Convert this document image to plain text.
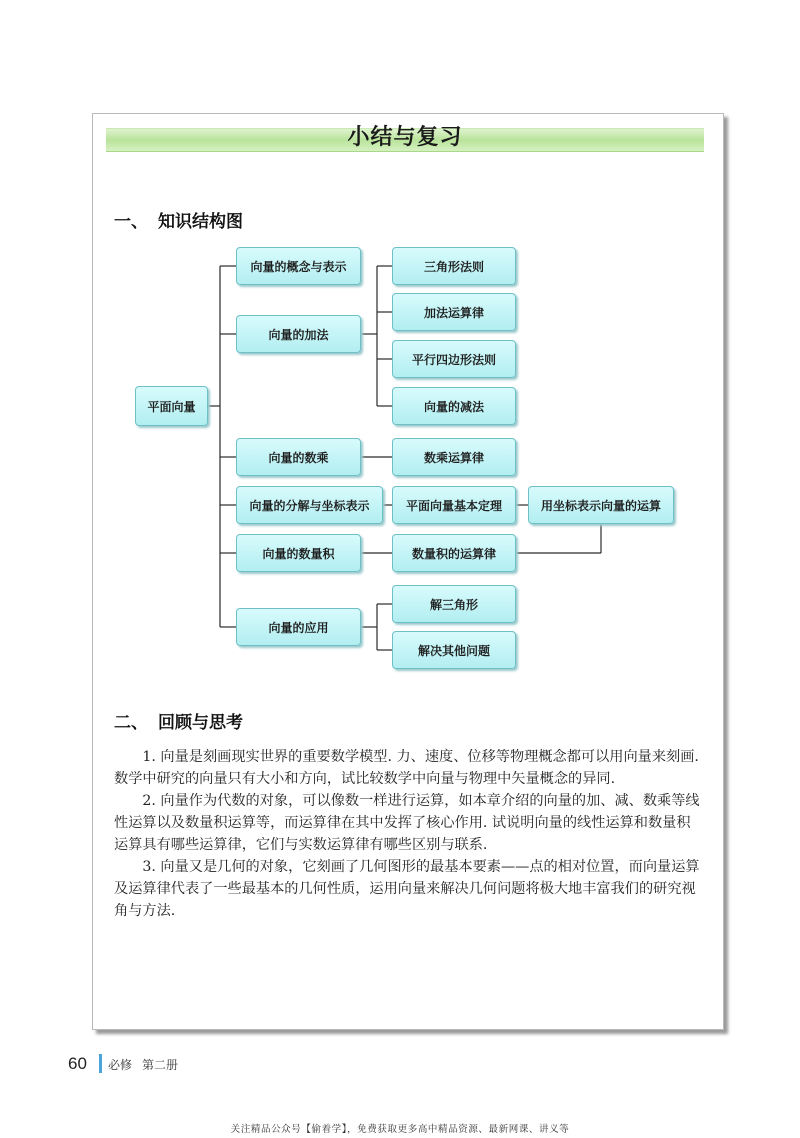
小结与复习
一、 知识结构图
平面向量
向量的概念与表示
向量的加法
向量的数乘
向量的分解与坐标表示
向量的数量积
向量的应用
三角形法则
加法运算律
平行四边形法则
向量的减法
数乘运算律
平面向量基本定理	用坐标表示向量的运算
数量积的运算律
解三角形
解决其他问题
二、 回顾与思考

1. 向量是刻画现实世界的重要数学模型. 力、速度、位移等物理概念都可以用向量来刻画. 数学中研究的向量只有大小和方向，试比较数学中向量与物理中矢量概念的异同.

2. 向量作为代数的对象，可以像数一样进行运算，如本章介绍的向量的加、减、数乘等线性运算以及数量积运算等，而运算律在其中发挥了核心作用. 试说明向量的线性运算和数量积运算具有哪些运算律，它们与实数运算律有哪些区别与联系.

3. 向量又是几何的对象，它刻画了几何图形的最基本要素——点的相对位置，而向量运算及运算律代表了一些最基本的几何性质，运用向量来解决几何问题将极大地丰富我们的研究视角与方法.

60 必修 第二册
关注精品公众号【偷着学】，免费获取更多高中精品资源、最新网课、讲义等
